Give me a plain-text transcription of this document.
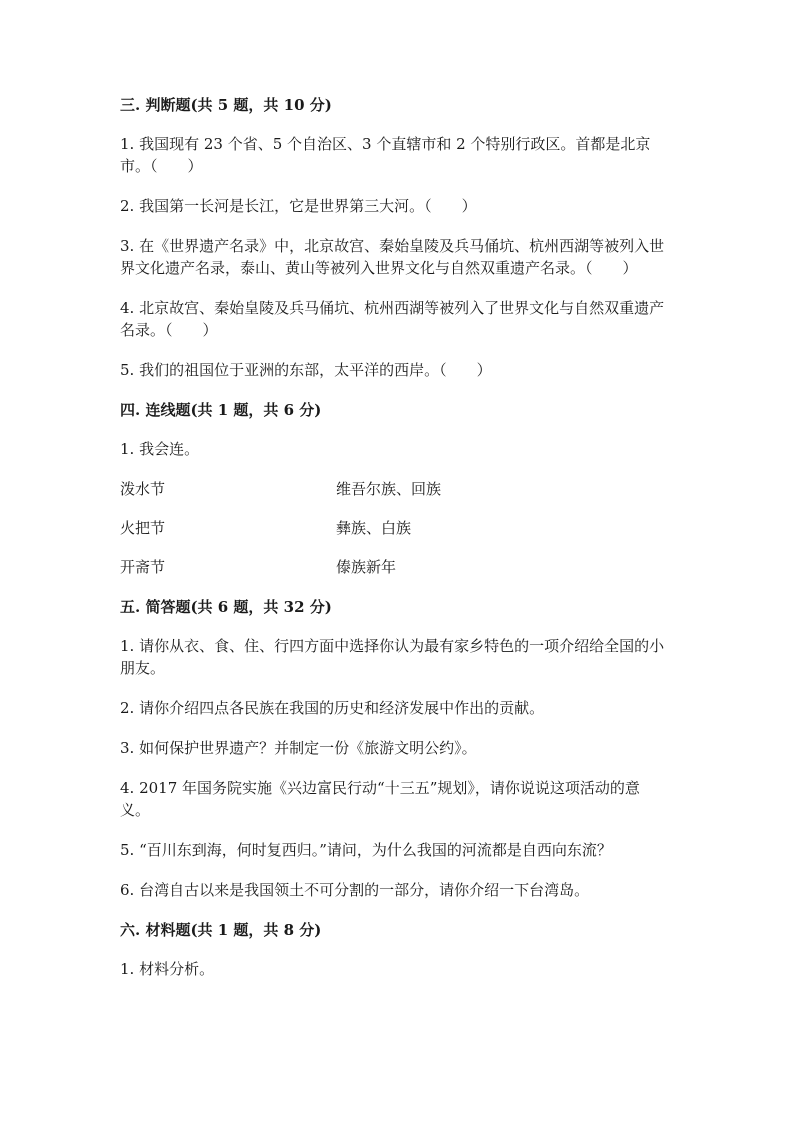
三. 判断题(共 5 题，共 10 分)

1. 我国现有 23 个省、5 个自治区、3 个直辖市和 2 个特别行政区。首都是北京市。（　　）

2. 我国第一长河是长江，它是世界第三大河。（　　）

3. 在《世界遗产名录》中，北京故宫、秦始皇陵及兵马俑坑、杭州西湖等被列入世界文化遗产名录，泰山、黄山等被列入世界文化与自然双重遗产名录。（　　）

4. 北京故宫、秦始皇陵及兵马俑坑、杭州西湖等被列入了世界文化与自然双重遗产名录。（　　）

5. 我们的祖国位于亚洲的东部，太平洋的西岸。（　　）

四. 连线题(共 1 题，共 6 分)

1. 我会连。

泼水节	维吾尔族、回族
火把节	彝族、白族
开斋节	傣族新年

五. 简答题(共 6 题，共 32 分)

1. 请你从衣、食、住、行四方面中选择你认为最有家乡特色的一项介绍给全国的小朋友。

2. 请你介绍四点各民族在我国的历史和经济发展中作出的贡献。

3. 如何保护世界遗产？并制定一份《旅游文明公约》。

4. 2017 年国务院实施《兴边富民行动“十三五”规划》，请你说说这项活动的意义。

5. “百川东到海，何时复西归。”请问，为什么我国的河流都是自西向东流？

6. 台湾自古以来是我国领土不可分割的一部分，请你介绍一下台湾岛。

六. 材料题(共 1 题，共 8 分)

1. 材料分析。
